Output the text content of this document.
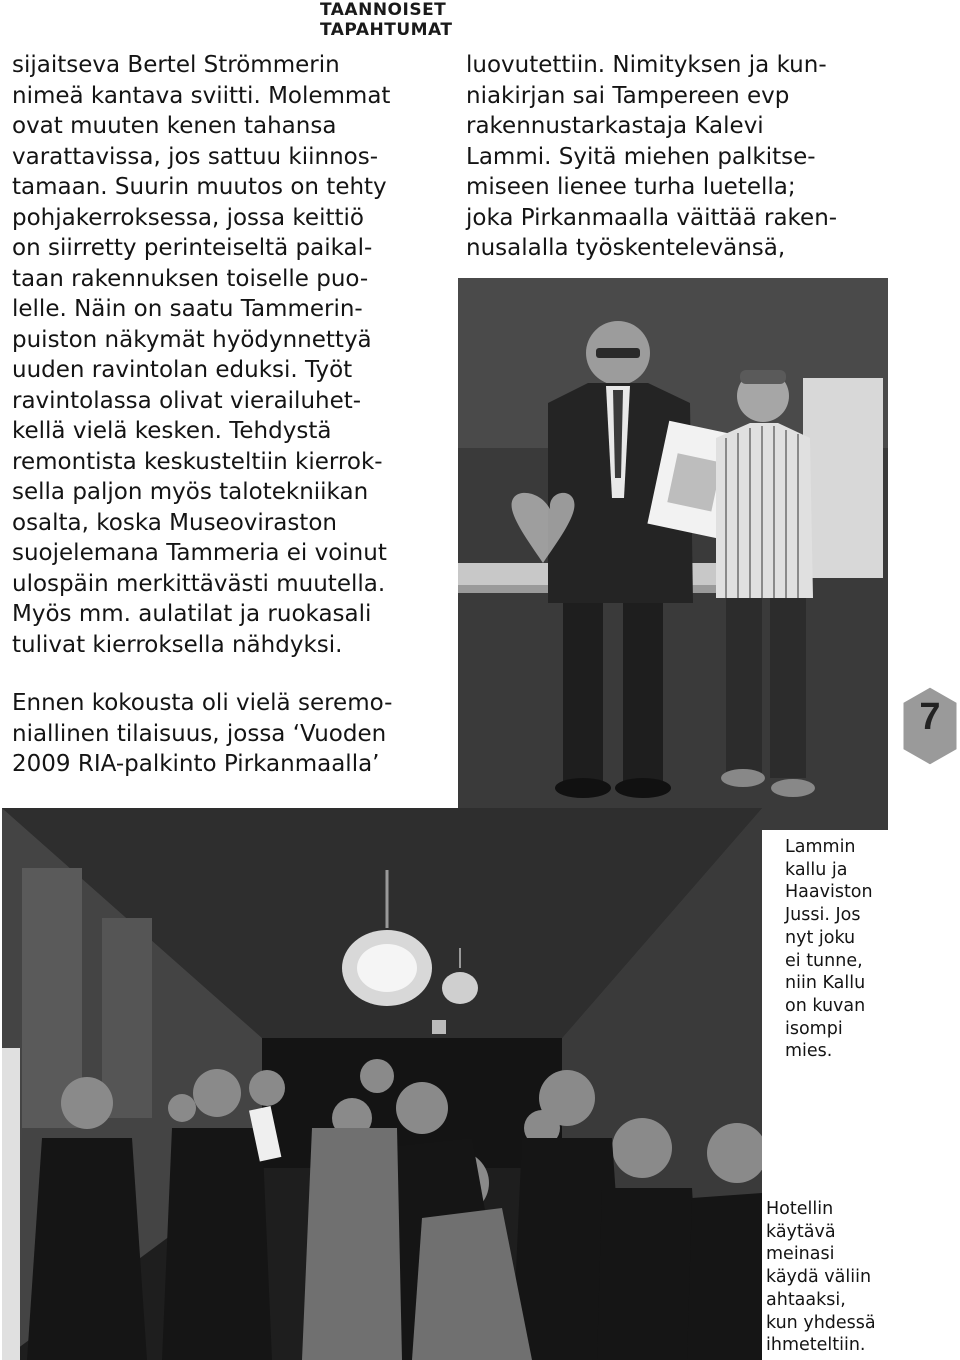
TAANNOISET TAPAHTUMAT
sijaitseva Bertel Strömmerin
nimeä kantava sviitti. Molemmat
ovat muuten kenen tahansa
varattavissa, jos sattuu kiinnos-
tamaan. Suurin muutos on tehty
pohjakerroksessa, jossa keittiö
on siirretty perinteiseltä paikal-
taan rakennuksen toiselle puo-
lelle. Näin on saatu Tammerin-
puiston näkymät hyödynnettyä
uuden ravintolan eduksi. Työt
ravintolassa olivat vierailuhet-
kellä vielä kesken. Tehdystä
remontista keskusteltiin kierrok-
sella paljon myös talotekniikan
osalta, koska Museoviraston
suojelemana Tammeria ei voinut
ulospäin merkittävästi muutella.
Myös mm. aulatilat ja ruokasali
tulivat kierroksella nähdyksi.
Ennen kokousta oli vielä seremo-
niallinen tilaisuus, jossa ‘Vuoden
2009 RIA-palkinto Pirkanmaalla’
luovutettiin. Nimityksen ja kun-
niakirjan sai Tampereen evp
rakennustarkastaja Kalevi
Lammi. Syitä miehen palkitse-
miseen lienee turha luetella;
joka Pirkanmaalla väittää raken-
nusalalla työskentelevänsä,
7
Lammin
kallu ja
Haaviston
Jussi. Jos
nyt joku
ei tunne,
niin Kallu
on kuvan
isompi
mies.
Hotellin
käytävä
meinasi
käydä väliin
ahtaaksi,
kun yhdessä
ihmeteltiin.
